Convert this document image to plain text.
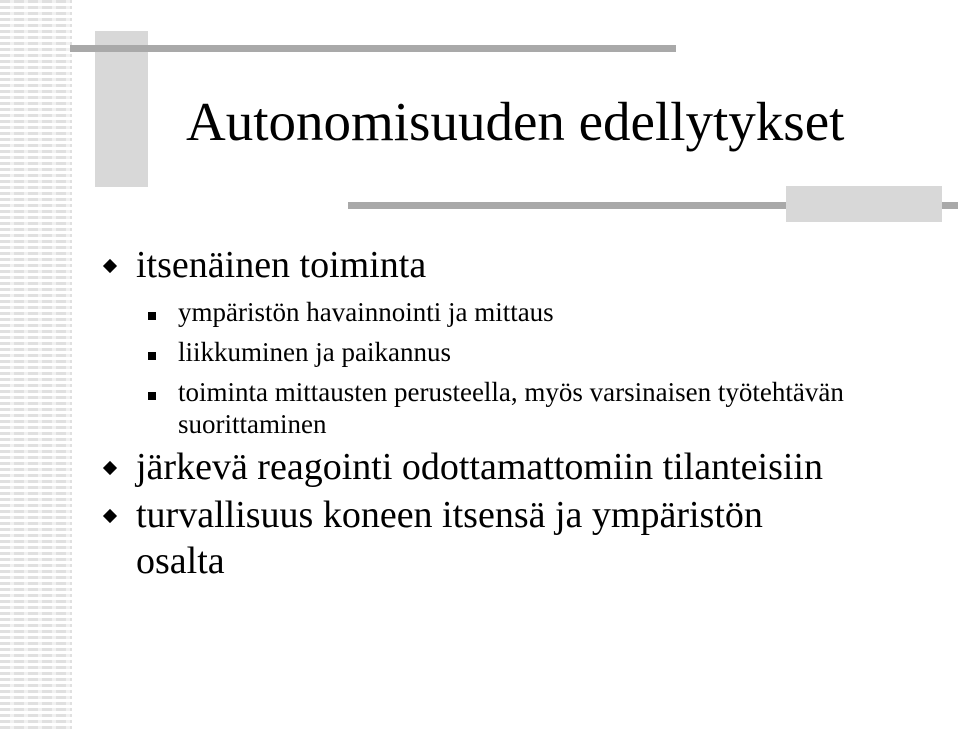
Autonomisuuden edellytykset
itsenäinen toiminta
ympäristön havainnointi ja mittaus
liikkuminen ja paikannus
toiminta mittausten perusteella, myös varsinaisen työtehtävän suorittaminen
järkevä reagointi odottamattomiin tilanteisiin
turvallisuus koneen itsensä ja ympäristön osalta
